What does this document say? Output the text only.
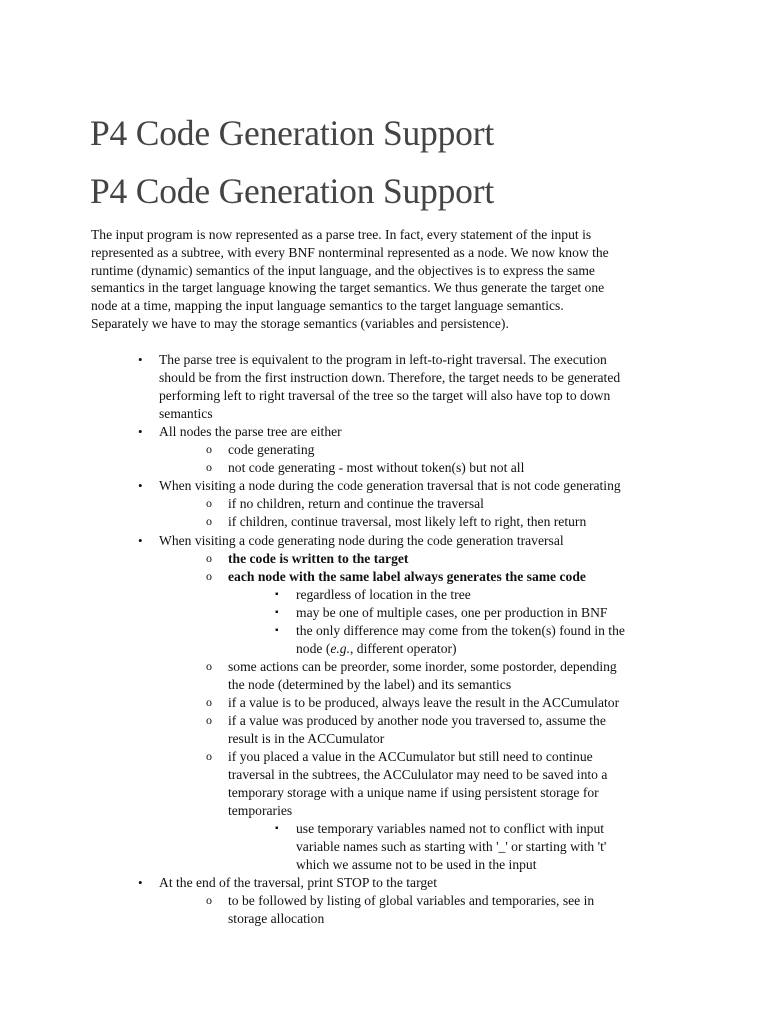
P4 Code Generation Support
P4 Code Generation Support
The input program is now represented as a parse tree. In fact, every statement of the input is
represented as a subtree, with every BNF nonterminal represented as a node. We now know the
runtime (dynamic) semantics of the input language, and the objectives is to express the same
semantics in the target language knowing the target semantics. We thus generate the target one
node at a time, mapping the input language semantics to the target language semantics.
Separately we have to may the storage semantics (variables and persistence).
•
The parse tree is equivalent to the program in left-to-right traversal. The execution
should be from the first instruction down. Therefore, the target needs to be generated
performing left to right traversal of the tree so the target will also have top to down
semantics
•
All nodes the parse tree are either
o
code generating
o
not code generating - most without token(s) but not all
•
When visiting a node during the code generation traversal that is not code generating
o
if no children, return and continue the traversal
o
if children, continue traversal, most likely left to right, then return
•
When visiting a code generating node during the code generation traversal
o
the code is written to the target
o
each node with the same label always generates the same code
▪
regardless of location in the tree
▪
may be one of multiple cases, one per production in BNF
▪
the only difference may come from the token(s) found in the
node (e.g., different operator)
o
some actions can be preorder, some inorder, some postorder, depending
the node (determined by the label) and its semantics
o
if a value is to be produced, always leave the result in the ACCumulator
o
if a value was produced by another node you traversed to, assume the
result is in the ACCumulator
o
if you placed a value in the ACCumulator but still need to continue
traversal in the subtrees, the ACCululator may need to be saved into a
temporary storage with a unique name if using persistent storage for
temporaries
▪
use temporary variables named not to conflict with input
variable names such as starting with '_' or starting with 't'
which we assume not to be used in the input
•
At the end of the traversal, print STOP to the target
o
to be followed by listing of global variables and temporaries, see in
storage allocation
